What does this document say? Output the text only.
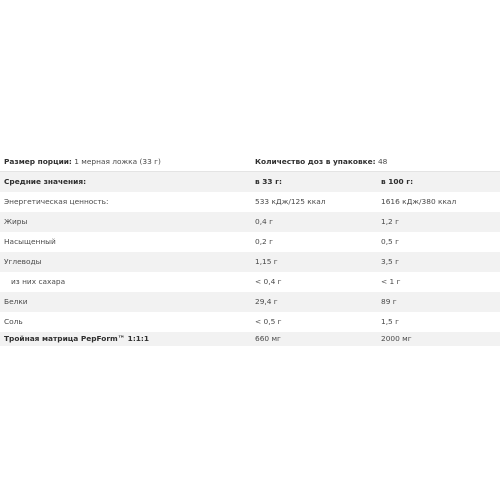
Размер порции: 1 мерная ложка (33 г)	Количество доз в упаковке: 48
Средние значения:	в 33 г:	в 100 г:
Энергетическая ценность:	533 кДж/125 ккал	1616 кДж/380 ккал
Жиры	0,4 г	1,2 г
Насыщенный	0,2 г	0,5 г
Углеводы	1,15 г	3,5 г
из них сахара	< 0,4 г	< 1 г
Белки	29,4 г	89 г
Соль	< 0,5 г	1,5 г
Тройная матрица PepForm™ 1:1:1	660 мг	2000 мг
